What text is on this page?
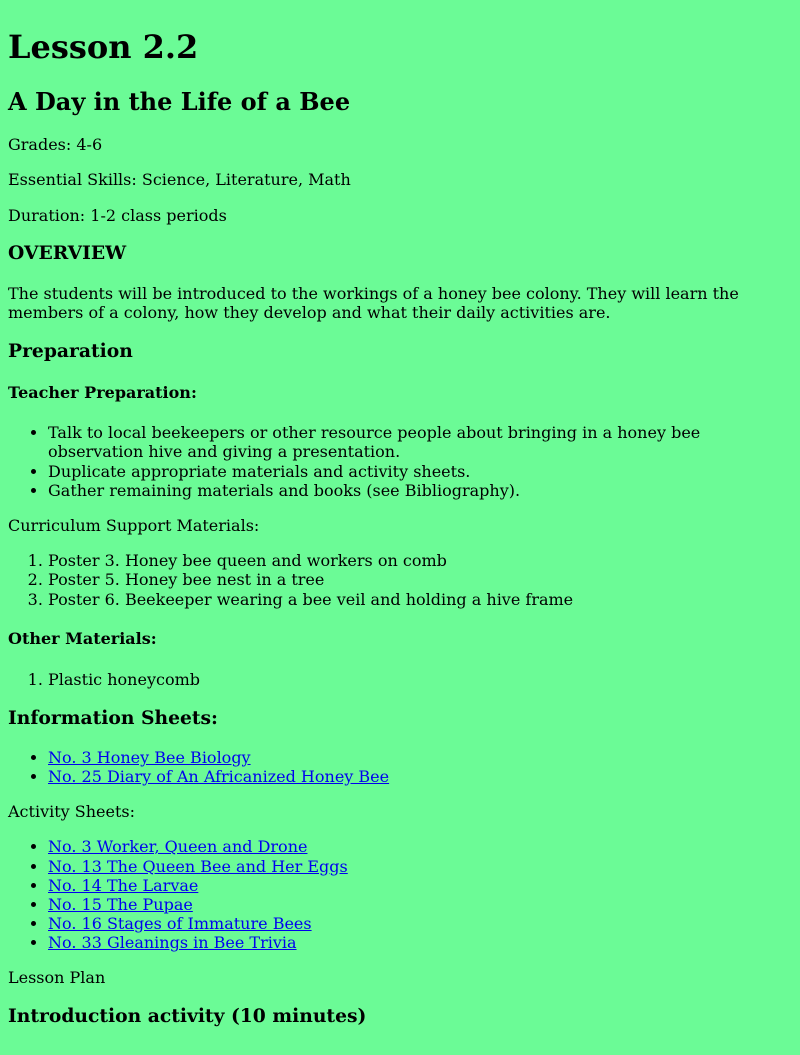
Lesson 2.2
A Day in the Life of a Bee

Grades: 4-6

Essential Skills: Science, Literature, Math

Duration: 1-2 class periods

OVERVIEW

The students will be introduced to the workings of a honey bee colony. They will learn the members of a colony, how they develop and what their daily activities are.

Preparation
Teacher Preparation:
• Talk to local beekeepers or other resource people about bringing in a honey bee observation hive and giving a presentation.
• Duplicate appropriate materials and activity sheets.
• Gather remaining materials and books (see Bibliography).

Curriculum Support Materials:

1. Poster 3. Honey bee queen and workers on comb
2. Poster 5. Honey bee nest in a tree
3. Poster 6. Beekeeper wearing a bee veil and holding a hive frame
Other Materials:
1. Plastic honeycomb
Information Sheets:
• No. 3 Honey Bee Biology
• No. 25 Diary of An Africanized Honey Bee

Activity Sheets:

• No. 3 Worker, Queen and Drone
• No. 13 The Queen Bee and Her Eggs
• No. 14 The Larvae
• No. 15 The Pupae
• No. 16 Stages of Immature Bees
• No. 33 Gleanings in Bee Trivia

Lesson Plan

Introduction activity (10 minutes)
